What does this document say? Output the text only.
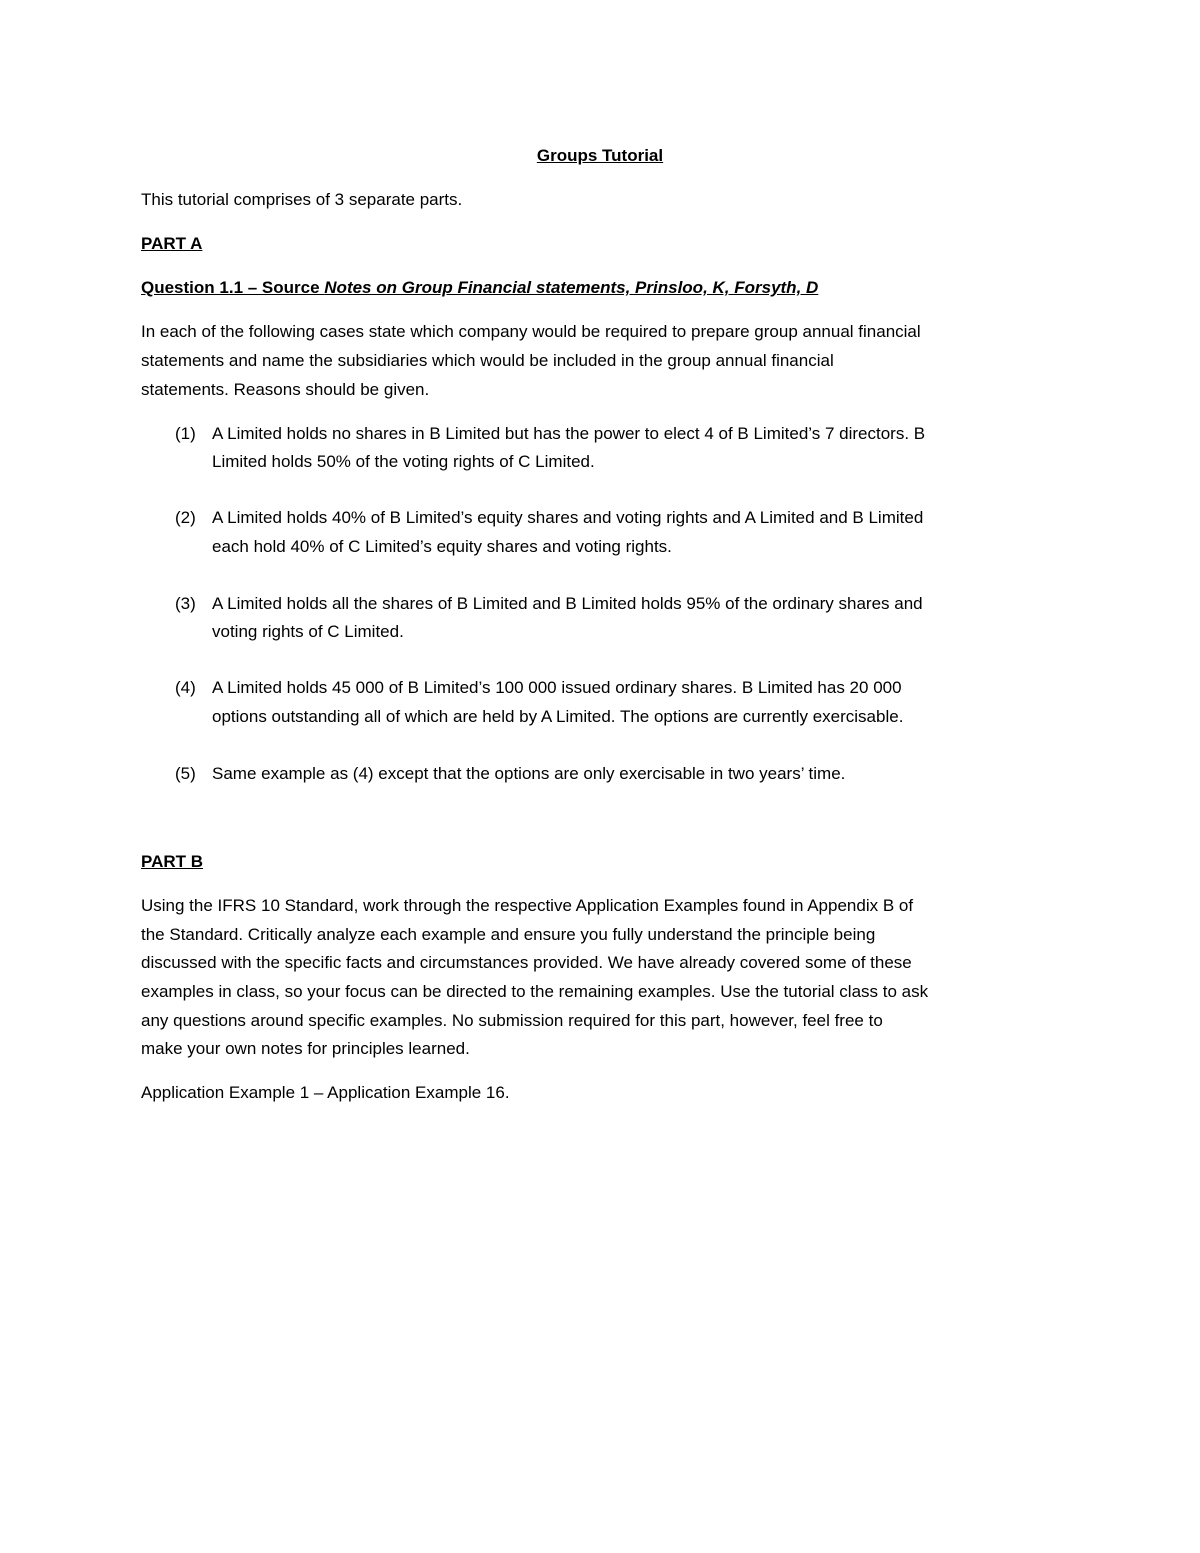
Groups Tutorial
This tutorial comprises of 3 separate parts.
PART A
Question 1.1 – Source Notes on Group Financial statements, Prinsloo, K, Forsyth, D
In each of the following cases state which company would be required to prepare group annual financial
statements and name the subsidiaries which would be included in the group annual financial
statements. Reasons should be given.
(1) A Limited holds no shares in B Limited but has the power to elect 4 of B Limited’s 7 directors. B
Limited holds 50% of the voting rights of C Limited.
(2) A Limited holds 40% of B Limited’s equity shares and voting rights and A Limited and B Limited
each hold 40% of C Limited’s equity shares and voting rights.
(3) A Limited holds all the shares of B Limited and B Limited holds 95% of the ordinary shares and
voting rights of C Limited.
(4) A Limited holds 45 000 of B Limited’s 100 000 issued ordinary shares. B Limited has 20 000
options outstanding all of which are held by A Limited. The options are currently exercisable.
(5) Same example as (4) except that the options are only exercisable in two years’ time.
PART B
Using the IFRS 10 Standard, work through the respective Application Examples found in Appendix B of
the Standard. Critically analyze each example and ensure you fully understand the principle being
discussed with the specific facts and circumstances provided. We have already covered some of these
examples in class, so your focus can be directed to the remaining examples. Use the tutorial class to ask
any questions around specific examples. No submission required for this part, however, feel free to
make your own notes for principles learned.
Application Example 1 – Application Example 16.
